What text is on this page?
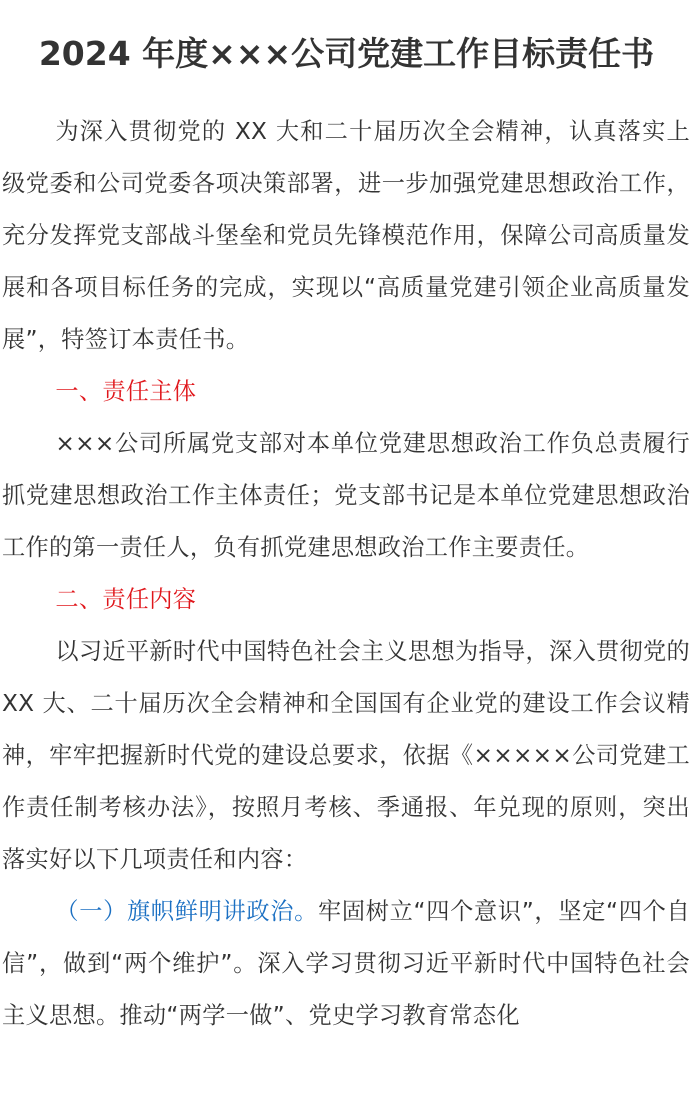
2024 年度×××公司党建工作目标责任书

为深入贯彻党的 XX 大和二十届历次全会精神，认真落实上级党委和公司党委各项决策部署，进一步加强党建思想政治工作，充分发挥党支部战斗堡垒和党员先锋模范作用，保障公司高质量发展和各项目标任务的完成，实现以“高质量党建引领企业高质量发展”，特签订本责任书。

一、责任主体

×××公司所属党支部对本单位党建思想政治工作负总责履行抓党建思想政治工作主体责任；党支部书记是本单位党建思想政治工作的第一责任人，负有抓党建思想政治工作主要责任。

二、责任内容

以习近平新时代中国特色社会主义思想为指导，深入贯彻党的 XX 大、二十届历次全会精神和全国国有企业党的建设工作会议精神，牢牢把握新时代党的建设总要求，依据《×××××公司党建工作责任制考核办法》，按照月考核、季通报、年兑现的原则，突出落实好以下几项责任和内容：

（一）旗帜鲜明讲政治。牢固树立“四个意识”，坚定“四个自信”，做到“两个维护”。深入学习贯彻习近平新时代中国特色社会主义思想。推动“两学一做”、党史学习教育常态化
